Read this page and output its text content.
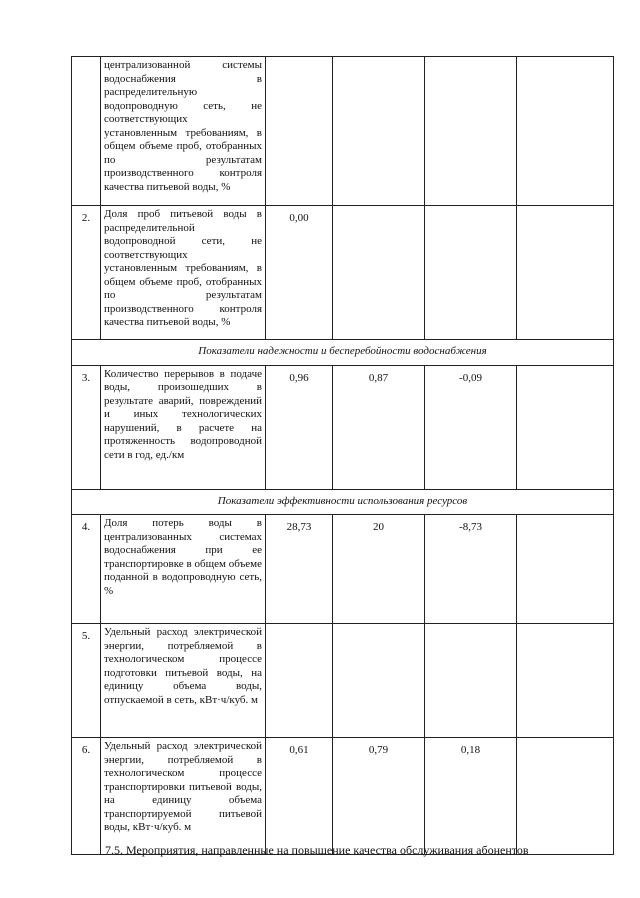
	централизованной системы водоснабжения в распределительную водопроводную сеть, не соответствующих установленным требованиям, в общем объеме проб, отобранных по результатам производственного контроля качества питьевой воды, %				
2.	Доля проб питьевой воды в распределительной водопроводной сети, не соответствующих установленным требованиям, в общем объеме проб, отобранных по результатам производственного контроля качества питьевой воды, %	0,00			
Показатели надежности и бесперебойности водоснабжения					
3.	Количество перерывов в подаче воды, произошедших в результате аварий, повреждений и иных технологических нарушений, в расчете на протяженность водопроводной сети в год, ед./км	0,96	0,87	-0,09	
Показатели эффективности использования ресурсов					
4.	Доля потерь воды в централизованных системах водоснабжения при ее транспортировке в общем объеме поданной в водопроводную сеть, %	28,73	20	-8,73	
5.	Удельный расход электрической энергии, потребляемой в технологическом процессе подготовки питьевой воды, на единицу объема воды, отпускаемой в сеть, кВт·ч/куб. м				
6.	Удельный расход электрической энергии, потребляемой в технологическом процессе транспортировки питьевой воды, на единицу объема транспортируемой питьевой воды, кВт·ч/куб. м	0,61	0,79	0,18	
7.5. Мероприятия, направленные на повышение качества обслуживания абонентов
